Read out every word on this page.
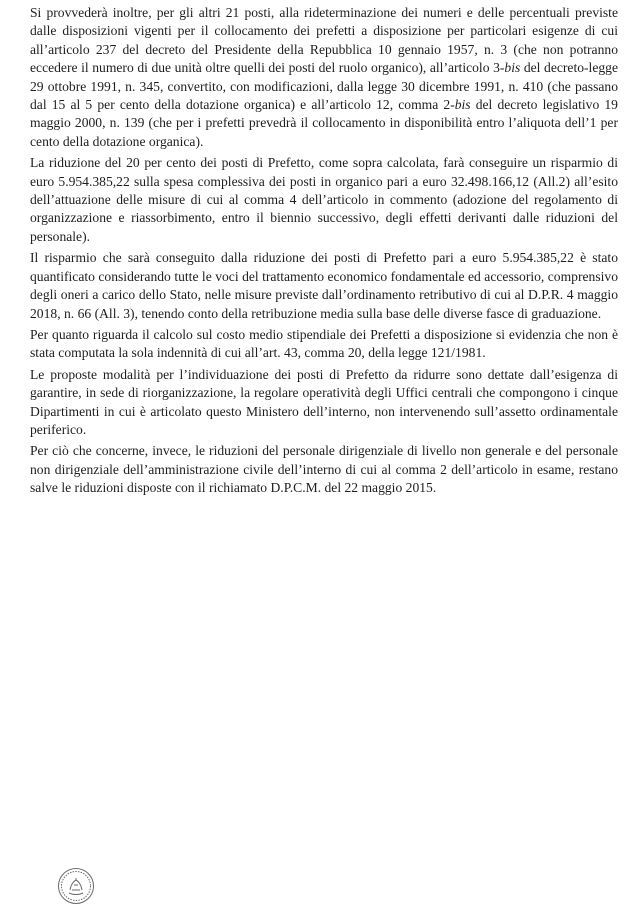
Si provvederà inoltre, per gli altri 21 posti, alla rideterminazione dei numeri e delle percentuali previste dalle disposizioni vigenti per il collocamento dei prefetti a disposizione per particolari esigenze di cui all’articolo 237 del decreto del Presidente della Repubblica 10 gennaio 1957, n. 3 (che non potranno eccedere il numero di due unità oltre quelli dei posti del ruolo organico), all’articolo 3-bis del decreto-legge 29 ottobre 1991, n. 345, convertito, con modificazioni, dalla legge 30 dicembre 1991, n. 410 (che passano dal 15 al 5 per cento della dotazione organica) e all’articolo 12, comma 2-bis del decreto legislativo 19 maggio 2000, n. 139 (che per i prefetti prevedrà il collocamento in disponibilità entro l’aliquota dell’1 per cento della dotazione organica).

La riduzione del 20 per cento dei posti di Prefetto, come sopra calcolata, farà conseguire un risparmio di euro 5.954.385,22 sulla spesa complessiva dei posti in organico pari a euro 32.498.166,12 (All.2) all’esito dell’attuazione delle misure di cui al comma 4 dell’articolo in commento (adozione del regolamento di organizzazione e riassorbimento, entro il biennio successivo, degli effetti derivanti dalle riduzioni del personale).

Il risparmio che sarà conseguito dalla riduzione dei posti di Prefetto pari a euro 5.954.385,22 è stato quantificato considerando tutte le voci del trattamento economico fondamentale ed accessorio, comprensivo degli oneri a carico dello Stato, nelle misure previste dall’ordinamento retributivo di cui al D.P.R. 4 maggio 2018, n. 66 (All. 3), tenendo conto della retribuzione media sulla base delle diverse fasce di graduazione.

Per quanto riguarda il calcolo sul costo medio stipendiale dei Prefetti a disposizione si evidenzia che non è stata computata la sola indennità di cui all’art. 43, comma 20, della legge 121/1981.

Le proposte modalità per l’individuazione dei posti di Prefetto da ridurre sono dettate dall’esigenza di garantire, in sede di riorganizzazione, la regolare operatività degli Uffici centrali che compongono i cinque Dipartimenti in cui è articolato questo Ministero dell’interno, non intervenendo sull’assetto ordinamentale periferico.

Per ciò che concerne, invece, le riduzioni del personale dirigenziale di livello non generale e del personale non dirigenziale dell’amministrazione civile dell’interno di cui al comma 2 dell’articolo in esame, restano salve le riduzioni disposte con il richiamato D.P.C.M. del 22 maggio 2015.
